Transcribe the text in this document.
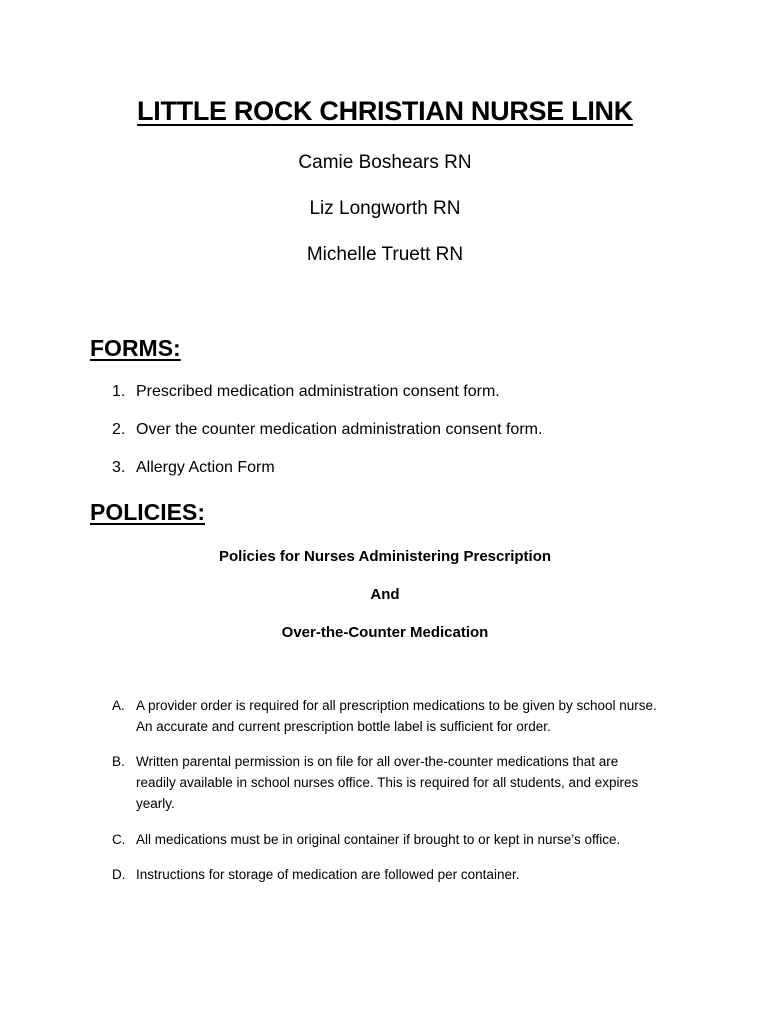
LITTLE ROCK CHRISTIAN NURSE LINK

Camie Boshears RN

Liz Longworth RN

Michelle Truett RN

FORMS:

1. Prescribed medication administration consent form.

2. Over the counter medication administration consent form.

3. Allergy Action Form

POLICIES:

Policies for Nurses Administering Prescription

And

Over-the-Counter Medication

A. A provider order is required for all prescription medications to be given by school nurse.
An accurate and current prescription bottle label is sufficient for order.
B. Written parental permission is on file for all over-the-counter medications that are
readily available in school nurses office. This is required for all students, and expires
yearly.
C. All medications must be in original container if brought to or kept in nurse’s office.
D. Instructions for storage of medication are followed per container.
